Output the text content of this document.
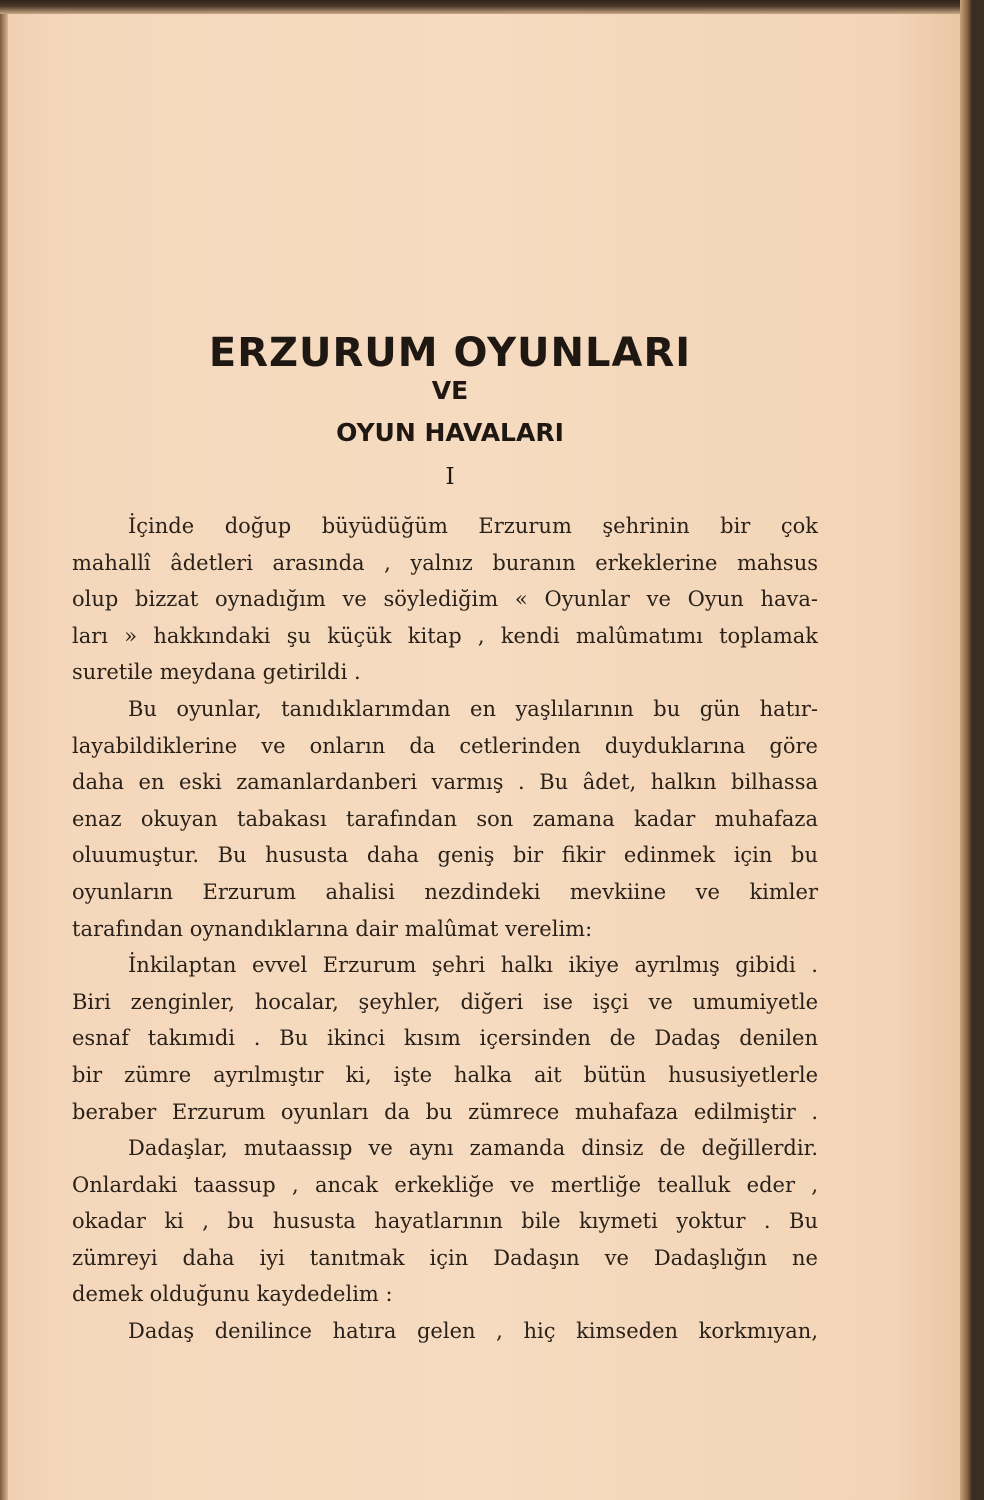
ERZURUM OYUNLARI
VE
OYUN HAVALARI
I
İçinde doğup büyüdüğüm Erzurum şehrinin bir çok
mahallî âdetleri arasında , yalnız buranın erkeklerine mahsus
olup bizzat oynadığım ve söylediğim « Oyunlar ve Oyun hava-
ları » hakkındaki şu küçük kitap , kendi malûmatımı toplamak
suretile meydana getirildi .
Bu oyunlar, tanıdıklarımdan en yaşlılarının bu gün hatır-
layabildiklerine ve onların da cetlerinden duyduklarına göre
daha en eski zamanlardanberi varmış . Bu âdet, halkın bilhassa
enaz okuyan tabakası tarafından son zamana kadar muhafaza
oluumuştur. Bu hususta daha geniş bir fikir edinmek için bu
oyunların Erzurum ahalisi nezdindeki mevkiine ve kimler
tarafından oynandıklarına dair malûmat verelim:
İnkilaptan evvel Erzurum şehri halkı ikiye ayrılmış gibidi .
Biri zenginler, hocalar, şeyhler, diğeri ise işçi ve umumiyetle
esnaf takımıdi . Bu ikinci kısım içersinden de Dadaş denilen
bir zümre ayrılmıştır ki, işte halka ait bütün hususiyetlerle
beraber Erzurum oyunları da bu zümrece muhafaza edilmiştir .
Dadaşlar, mutaassıp ve aynı zamanda dinsiz de değillerdir.
Onlardaki taassup , ancak erkekliğe ve mertliğe tealluk eder ,
okadar ki , bu hususta hayatlarının bile kıymeti yoktur . Bu
zümreyi daha iyi tanıtmak için Dadaşın ve Dadaşlığın ne
demek olduğunu kaydedelim :
Dadaş denilince hatıra gelen , hiç kimseden korkmıyan,
